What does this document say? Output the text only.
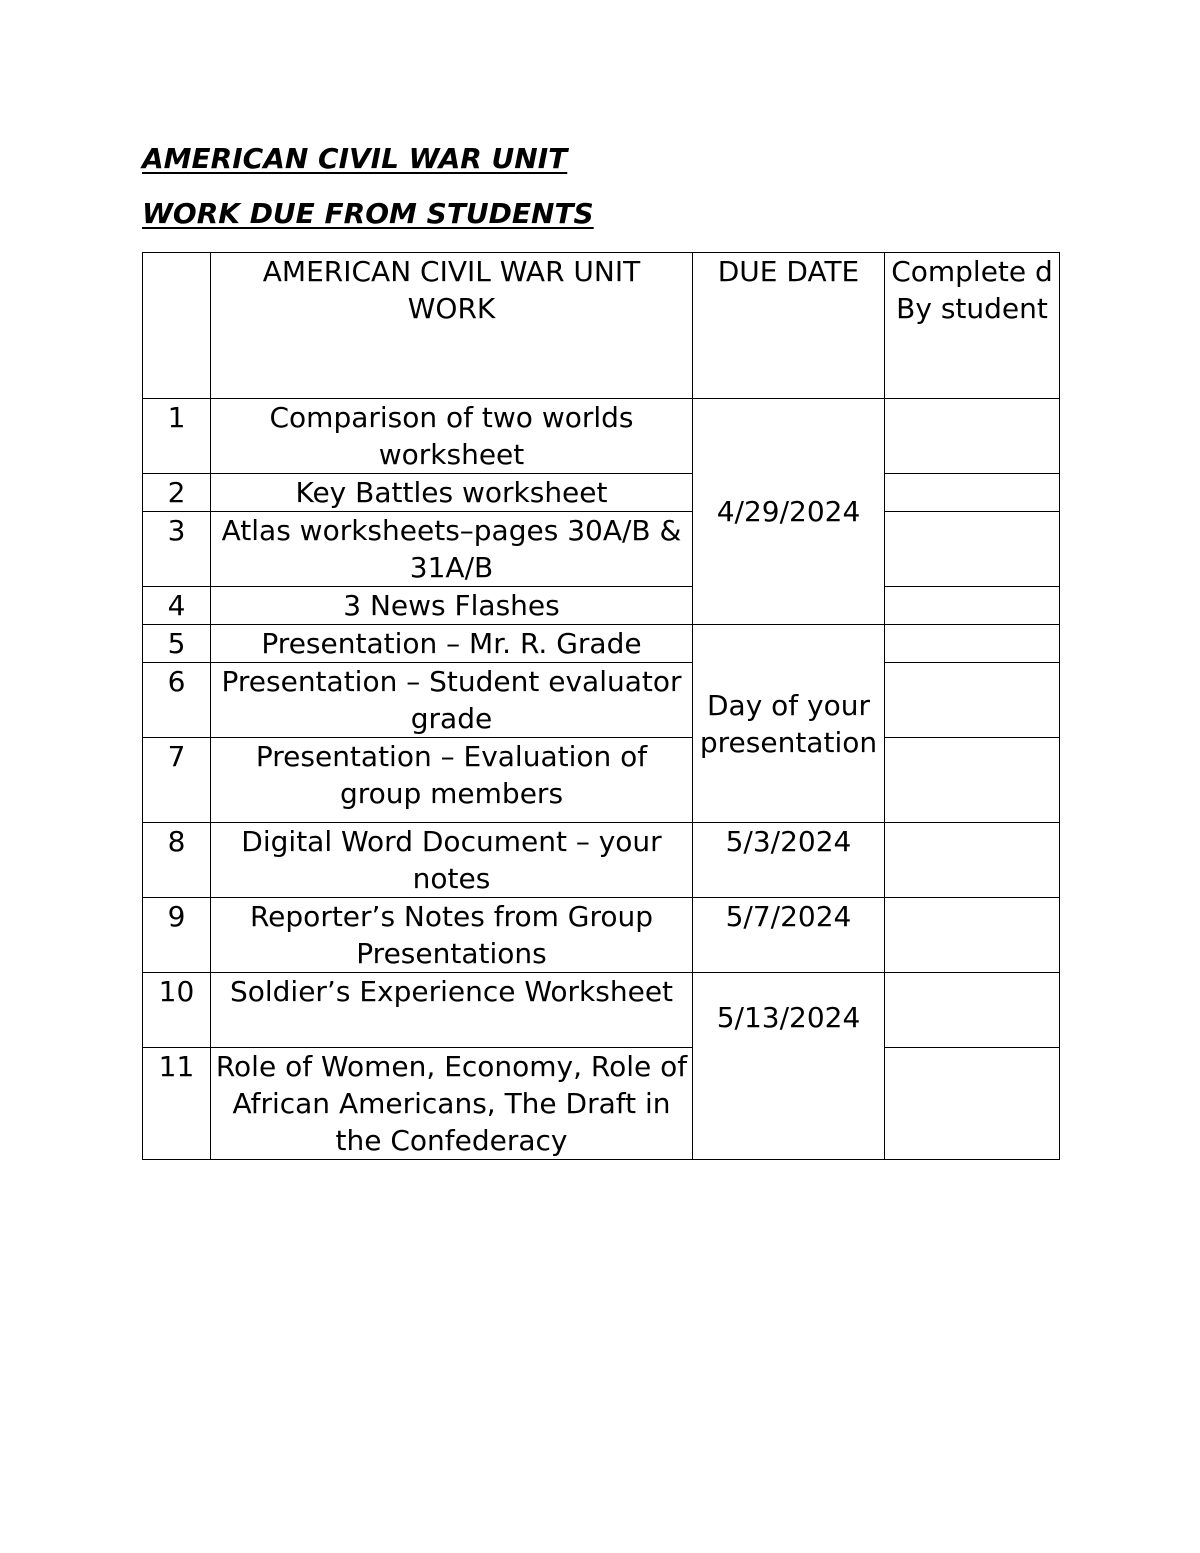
AMERICAN CIVIL WAR UNIT
WORK DUE FROM STUDENTS
	AMERICAN CIVIL WAR UNIT WORK	DUE DATE	Complete d By student
1	Comparison of two worlds worksheet	4/29/2024	
2	Key Battles worksheet		
3	Atlas worksheets–pages 30A/B & 31A/B		
4	3 News Flashes		
5	Presentation – Mr. R. Grade	Day of your presentation	
6	Presentation – Student evaluator grade		
7	Presentation – Evaluation of group members		
8	Digital Word Document – your notes	5/3/2024	
9	Reporter’s Notes from Group Presentations	5/7/2024	
10	Soldier’s Experience Worksheet	5/13/2024	
11	Role of Women, Economy, Role of African Americans, The Draft in the Confederacy		
